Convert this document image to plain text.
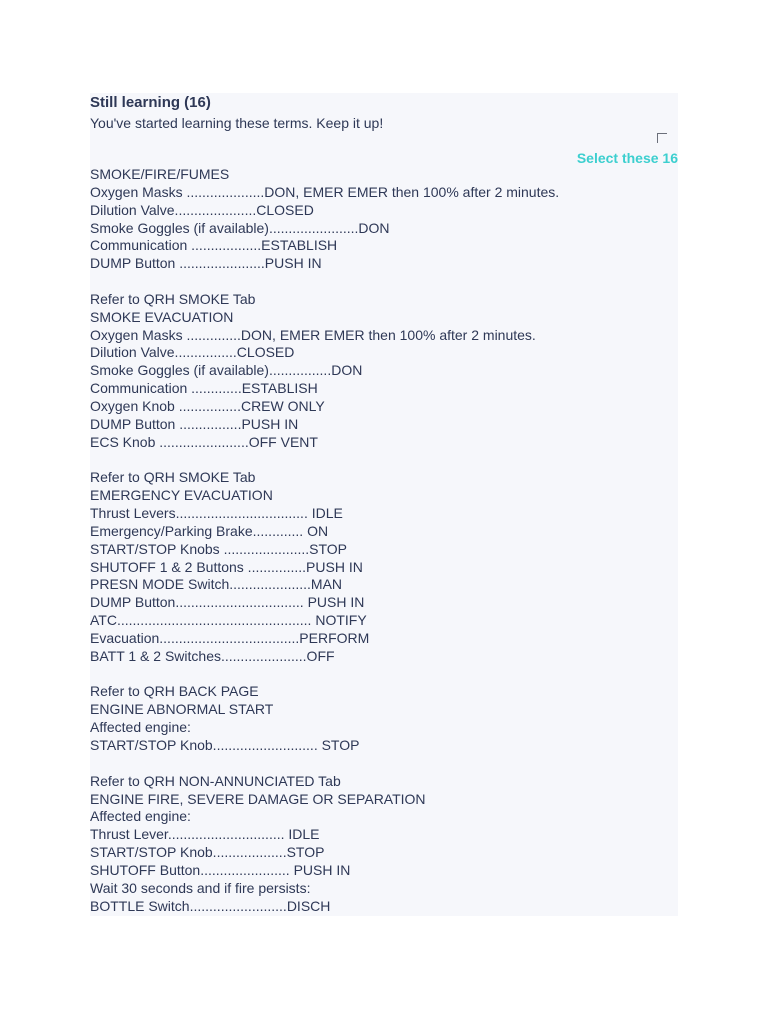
Still learning (16)
You've started learning these terms. Keep it up!
Select these 16
SMOKE/FIRE/FUMES
Oxygen Masks ....................DON, EMER EMER then 100% after 2 minutes.
Dilution Valve.....................CLOSED
Smoke Goggles (if available).......................DON
Communication ..................ESTABLISH
DUMP Button ......................PUSH IN
Refer to QRH SMOKE Tab
SMOKE EVACUATION
Oxygen Masks ..............DON, EMER EMER then 100% after 2 minutes.
Dilution Valve................CLOSED
Smoke Goggles (if available)................DON
Communication .............ESTABLISH
Oxygen Knob ................CREW ONLY
DUMP Button ................PUSH IN
ECS Knob .......................OFF VENT
Refer to QRH SMOKE Tab
EMERGENCY EVACUATION
Thrust Levers.................................. IDLE
Emergency/Parking Brake............. ON
START/STOP Knobs ......................STOP
SHUTOFF 1 & 2 Buttons ...............PUSH IN
PRESN MODE Switch.....................MAN
DUMP Button................................. PUSH IN
ATC.................................................. NOTIFY
Evacuation....................................PERFORM
BATT 1 & 2 Switches......................OFF
Refer to QRH BACK PAGE
ENGINE ABNORMAL START
Affected engine:
START/STOP Knob........................... STOP
Refer to QRH NON-ANNUNCIATED Tab
ENGINE FIRE, SEVERE DAMAGE OR SEPARATION
Affected engine:
Thrust Lever.............................. IDLE
START/STOP Knob...................STOP
SHUTOFF Button....................... PUSH IN
Wait 30 seconds and if fire persists:
BOTTLE Switch.........................DISCH
